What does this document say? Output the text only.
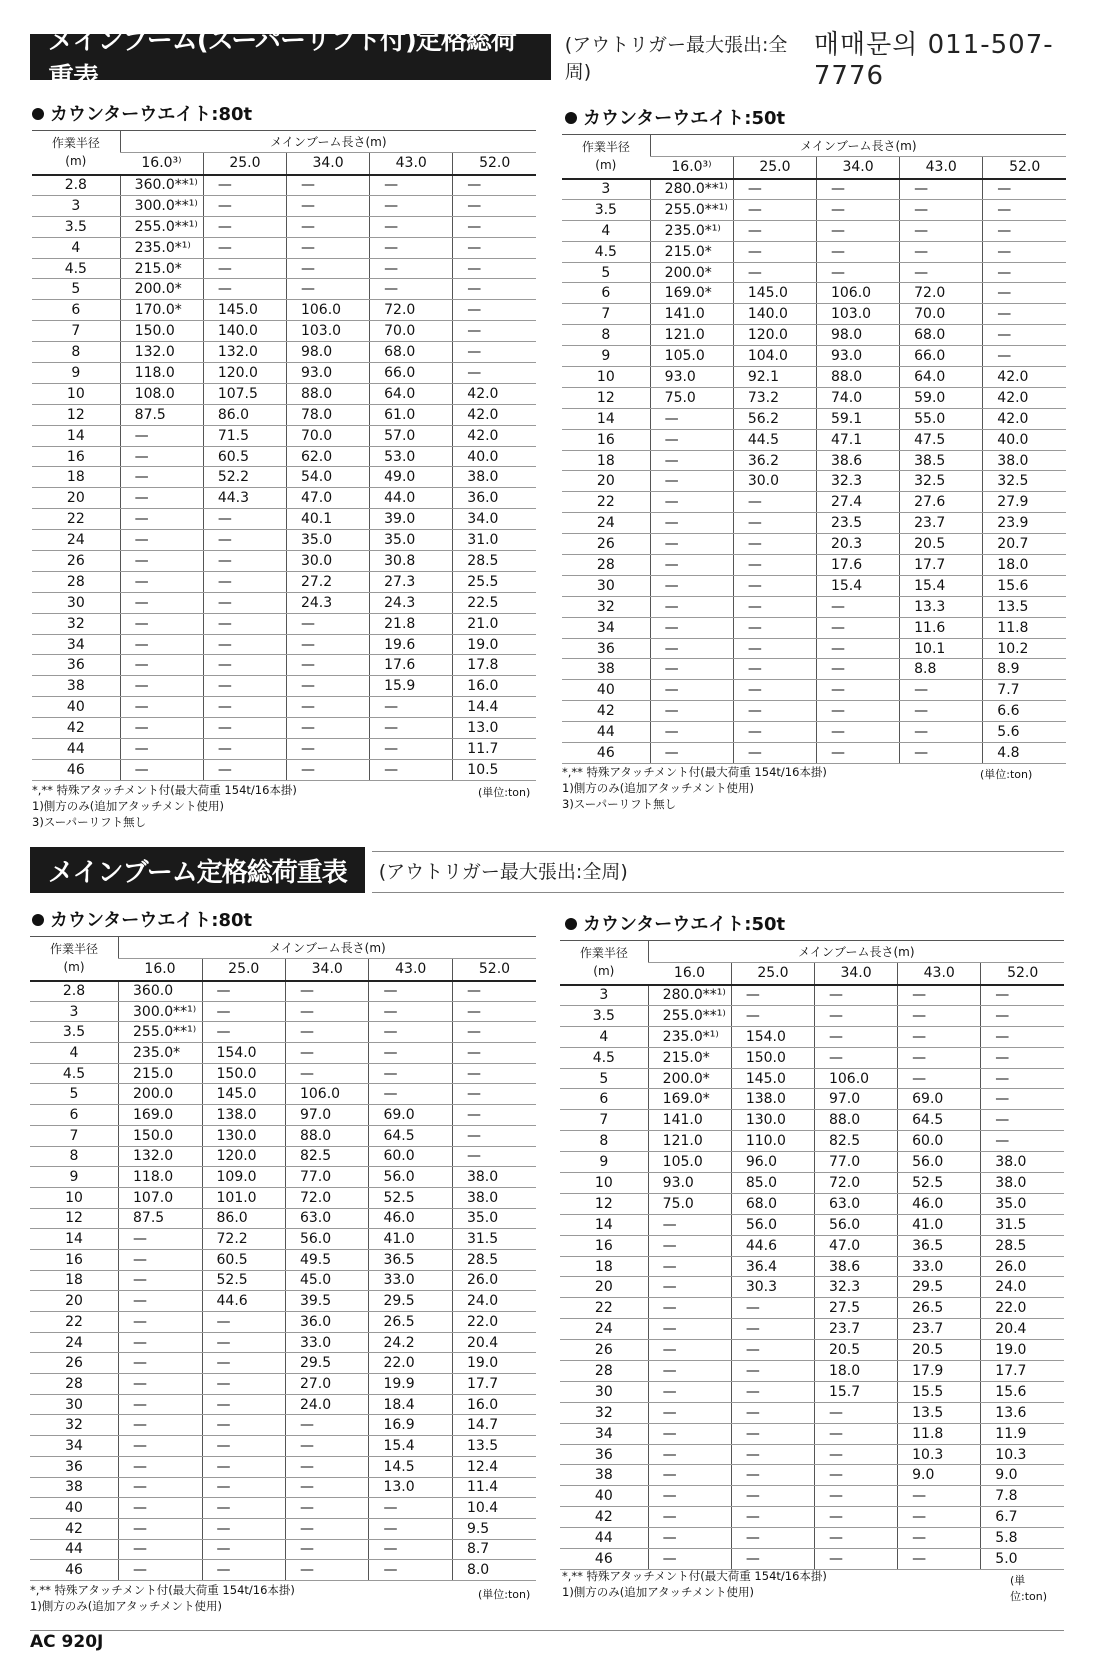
メインブーム(スーパーリフト付)定格総荷重表
(アウトリガー最大張出:全周)
매매문의 011-507-7776
カウンターウエイト:80t	カウンターウエイト:50t
作業半径
(m)	メインブーム長さ(m)				
	16.0³⁾	25.0	34.0	43.0	52.0
2.8	360.0**¹⁾	—	—	—	—
3	300.0**¹⁾	—	—	—	—
3.5	255.0**¹⁾	—	—	—	—
4	235.0*¹⁾	—	—	—	—
4.5	215.0*	—	—	—	—
5	200.0*	—	—	—	—
6	170.0*	145.0	106.0	72.0	—
7	150.0	140.0	103.0	70.0	—
8	132.0	132.0	98.0	68.0	—
9	118.0	120.0	93.0	66.0	—
10	108.0	107.5	88.0	64.0	42.0
12	87.5	86.0	78.0	61.0	42.0
14	—	71.5	70.0	57.0	42.0
16	—	60.5	62.0	53.0	40.0
18	—	52.2	54.0	49.0	38.0
20	—	44.3	47.0	44.0	36.0
22	—	—	40.1	39.0	34.0
24	—	—	35.0	35.0	31.0
26	—	—	30.0	30.8	28.5
28	—	—	27.2	27.3	25.5
30	—	—	24.3	24.3	22.5
32	—	—	—	21.8	21.0
34	—	—	—	19.6	19.0
36	—	—	—	17.6	17.8
38	—	—	—	15.9	16.0
40	—	—	—	—	14.4
42	—	—	—	—	13.0
44	—	—	—	—	11.7
46	—	—	—	—	10.5
作業半径
(m)	メインブーム長さ(m)				
	16.0³⁾	25.0	34.0	43.0	52.0
3	280.0**¹⁾	—	—	—	—
3.5	255.0**¹⁾	—	—	—	—
4	235.0*¹⁾	—	—	—	—
4.5	215.0*	—	—	—	—
5	200.0*	—	—	—	—
6	169.0*	145.0	106.0	72.0	—
7	141.0	140.0	103.0	70.0	—
8	121.0	120.0	98.0	68.0	—
9	105.0	104.0	93.0	66.0	—
10	93.0	92.1	88.0	64.0	42.0
12	75.0	73.2	74.0	59.0	42.0
14	—	56.2	59.1	55.0	42.0
16	—	44.5	47.1	47.5	40.0
18	—	36.2	38.6	38.5	38.0
20	—	30.0	32.3	32.5	32.5
22	—	—	27.4	27.6	27.9
24	—	—	23.5	23.7	23.9
26	—	—	20.3	20.5	20.7
28	—	—	17.6	17.7	18.0
30	—	—	15.4	15.4	15.6
32	—	—	—	13.3	13.5
34	—	—	—	11.6	11.8
36	—	—	—	10.1	10.2
38	—	—	—	8.8	8.9
40	—	—	—	—	7.7
42	—	—	—	—	6.6
44	—	—	—	—	5.6
46	—	—	—	—	4.8
*,** 特殊アタッチメント付(最大荷重 154t/16本掛)
1)側方のみ(追加アタッチメント使用)
3)スーパーリフト無し
(単位:ton)
*,** 特殊アタッチメント付(最大荷重 154t/16本掛)
1)側方のみ(追加アタッチメント使用)
3)スーパーリフト無し
(単位:ton)
メインブーム定格総荷重表	(アウトリガー最大張出:全周)
カウンターウエイト:80t	カウンターウエイト:50t
作業半径
(m)	メインブーム長さ(m)				
	16.0	25.0	34.0	43.0	52.0
2.8	360.0	—	—	—	—
3	300.0**¹⁾	—	—	—	—
3.5	255.0**¹⁾	—	—	—	—
4	235.0*	154.0	—	—	—
4.5	215.0	150.0	—	—	—
5	200.0	145.0	106.0	—	—
6	169.0	138.0	97.0	69.0	—
7	150.0	130.0	88.0	64.5	—
8	132.0	120.0	82.5	60.0	—
9	118.0	109.0	77.0	56.0	38.0
10	107.0	101.0	72.0	52.5	38.0
12	87.5	86.0	63.0	46.0	35.0
14	—	72.2	56.0	41.0	31.5
16	—	60.5	49.5	36.5	28.5
18	—	52.5	45.0	33.0	26.0
20	—	44.6	39.5	29.5	24.0
22	—	—	36.0	26.5	22.0
24	—	—	33.0	24.2	20.4
26	—	—	29.5	22.0	19.0
28	—	—	27.0	19.9	17.7
30	—	—	24.0	18.4	16.0
32	—	—	—	16.9	14.7
34	—	—	—	15.4	13.5
36	—	—	—	14.5	12.4
38	—	—	—	13.0	11.4
40	—	—	—	—	10.4
42	—	—	—	—	9.5
44	—	—	—	—	8.7
46	—	—	—	—	8.0
作業半径
(m)	メインブーム長さ(m)				
	16.0	25.0	34.0	43.0	52.0
3	280.0**¹⁾	—	—	—	—
3.5	255.0**¹⁾	—	—	—	—
4	235.0*¹⁾	154.0	—	—	—
4.5	215.0*	150.0	—	—	—
5	200.0*	145.0	106.0	—	—
6	169.0*	138.0	97.0	69.0	—
7	141.0	130.0	88.0	64.5	—
8	121.0	110.0	82.5	60.0	—
9	105.0	96.0	77.0	56.0	38.0
10	93.0	85.0	72.0	52.5	38.0
12	75.0	68.0	63.0	46.0	35.0
14	—	56.0	56.0	41.0	31.5
16	—	44.6	47.0	36.5	28.5
18	—	36.4	38.6	33.0	26.0
20	—	30.3	32.3	29.5	24.0
22	—	—	27.5	26.5	22.0
24	—	—	23.7	23.7	20.4
26	—	—	20.5	20.5	19.0
28	—	—	18.0	17.9	17.7
30	—	—	15.7	15.5	15.6
32	—	—	—	13.5	13.6
34	—	—	—	11.8	11.9
36	—	—	—	10.3	10.3
38	—	—	—	9.0	9.0
40	—	—	—	—	7.8
42	—	—	—	—	6.7
44	—	—	—	—	5.8
46	—	—	—	—	5.0
*,** 特殊アタッチメント付(最大荷重 154t/16本掛)
1)側方のみ(追加アタッチメント使用)
(単位:ton)
*,** 特殊アタッチメント付(最大荷重 154t/16本掛)
1)側方のみ(追加アタッチメント使用)
(単位:ton)
AC 920J
